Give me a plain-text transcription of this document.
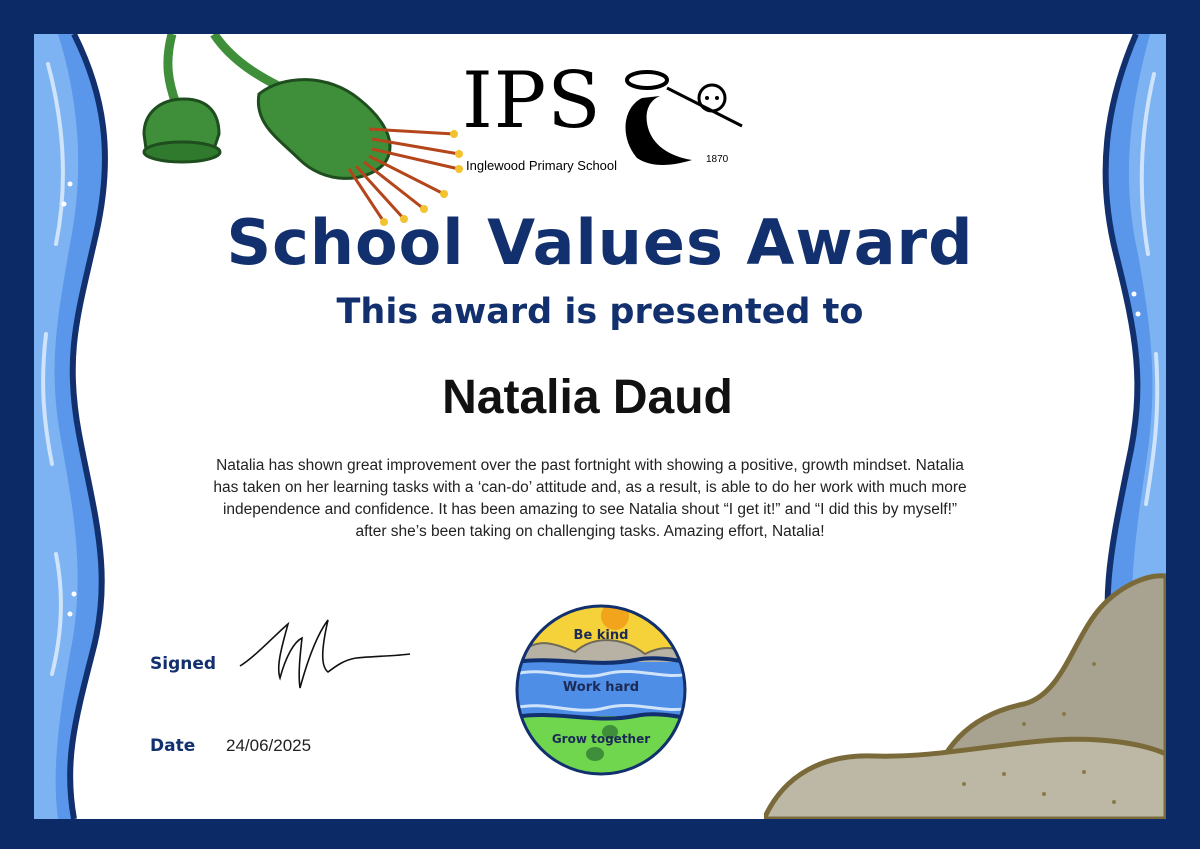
IPS
Inglewood Primary School	1870
School Values Award
This award is presented to
Natalia Daud
Natalia has shown great improvement over the past fortnight with showing a positive, growth mindset. Natalia has taken on her learning tasks with a ‘can-do’ attitude and, as a result, is able to do her work with much more independence and confidence. It has been amazing to see Natalia shout “I get it!” and “I did this by myself!” after she’s been taking on challenging tasks. Amazing effort, Natalia!
Signed
Date 24/06/2025
Be kind
Work hard
Grow together
